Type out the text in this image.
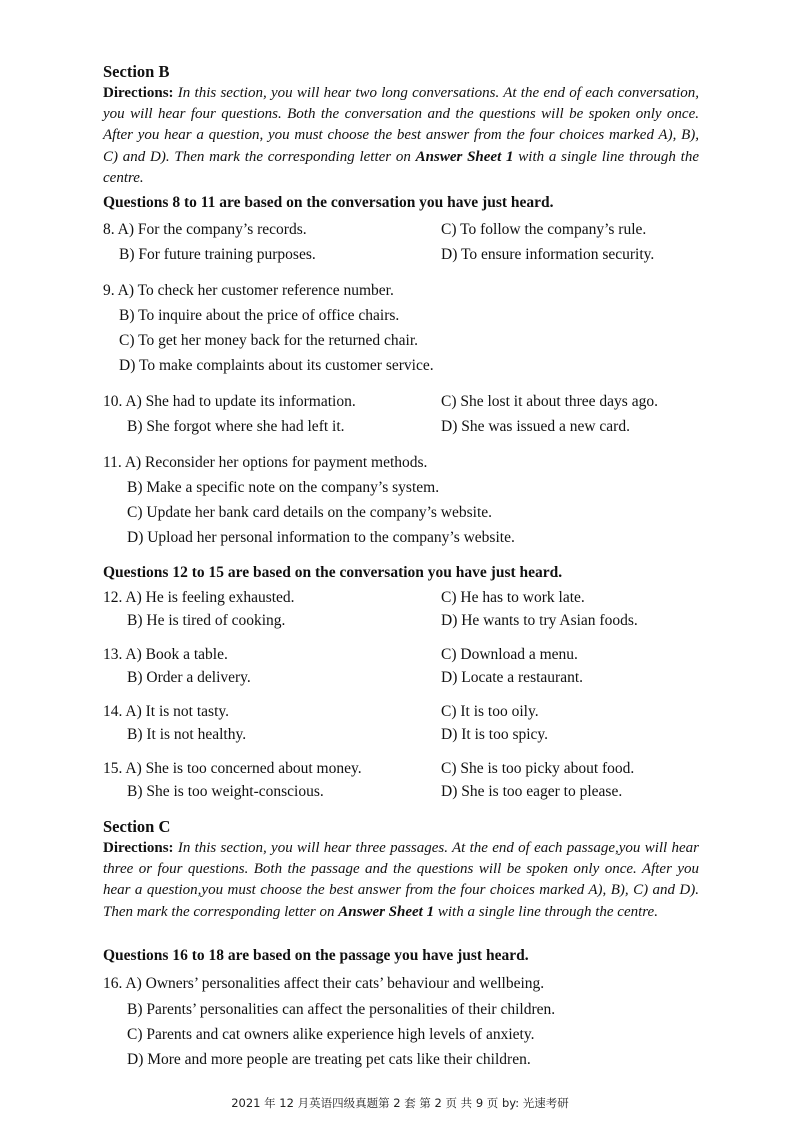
Section B
Directions: In this section, you will hear two long conversations. At the end of each conversation, you will hear four questions. Both the conversation and the questions will be spoken only once. After you hear a question, you must choose the best answer from the four choices marked A), B), C) and D). Then mark the corresponding letter on Answer Sheet 1 with a single line through the centre.
Questions 8 to 11 are based on the conversation you have just heard.
8. A) For the company’s records.	C) To follow the company’s rule.
B) For future training purposes.	D) To ensure information security.
9. A) To check her customer reference number.
B) To inquire about the price of office chairs.
C) To get her money back for the returned chair.
D) To make complaints about its customer service.
10. A) She had to update its information.	C) She lost it about three days ago.
B) She forgot where she had left it.	D) She was issued a new card.
11. A) Reconsider her options for payment methods.
B) Make a specific note on the company’s system.
C) Update her bank card details on the company’s website.
D) Upload her personal information to the company’s website.
Questions 12 to 15 are based on the conversation you have just heard.
12. A) He is feeling exhausted.	C) He has to work late.
B) He is tired of cooking.	D) He wants to try Asian foods.
13. A) Book a table.	C) Download a menu.
B) Order a delivery.	D) Locate a restaurant.
14. A) It is not tasty.	C) It is too oily.
B) It is not healthy.	D) It is too spicy.
15. A) She is too concerned about money.	C) She is too picky about food.
B) She is too weight-conscious.	D) She is too eager to please.
Section C
Directions: In this section, you will hear three passages. At the end of each passage,you will hear three or four questions. Both the passage and the questions will be spoken only once. After you hear a question,you must choose the best answer from the four choices marked A), B), C) and D). Then mark the corresponding letter on Answer Sheet 1 with a single line through the centre.
Questions 16 to 18 are based on the passage you have just heard.
16. A) Owners’ personalities affect their cats’ behaviour and wellbeing.
B) Parents’ personalities can affect the personalities of their children.
C) Parents and cat owners alike experience high levels of anxiety.
D) More and more people are treating pet cats like their children.
2021 年 12 月英语四级真题第 2 套 第 2 页 共 9 页 by: 光速考研
